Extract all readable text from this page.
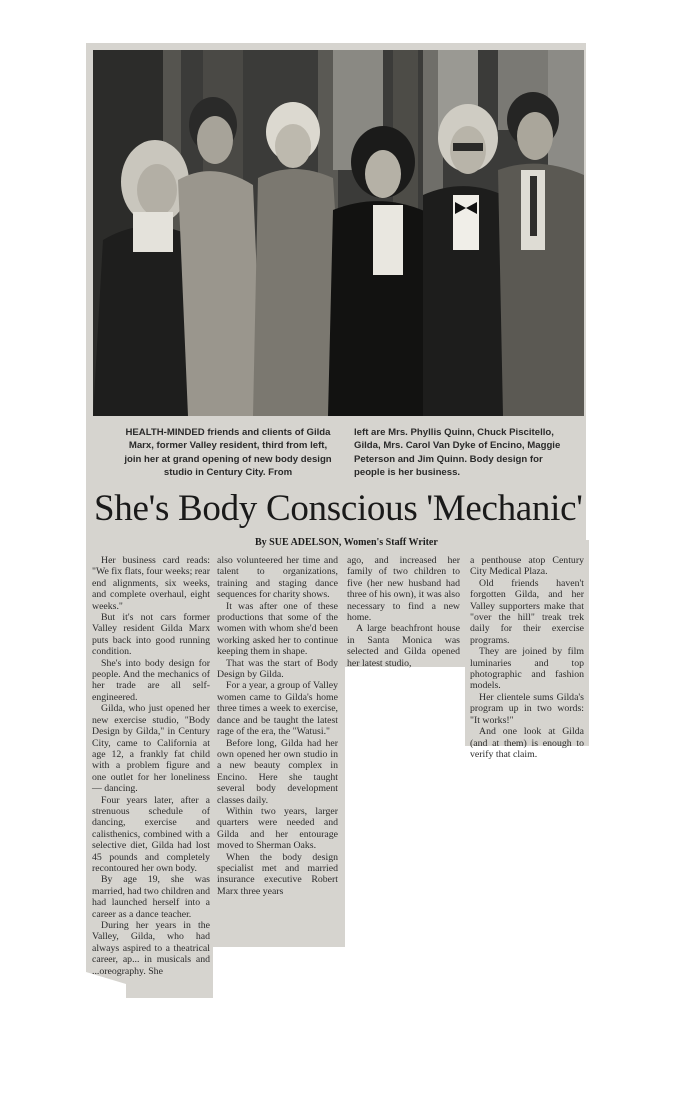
HEALTH-MINDED friends and clients of Gilda Marx, former Valley resident, third from left, join her at grand opening of new body design studio in Century City. From
left are Mrs. Phyllis Quinn, Chuck Piscitello, Gilda, Mrs. Carol Van Dyke of Encino, Maggie Peterson and Jim Quinn. Body design for people is her business.
She's Body Conscious 'Mechanic'
By SUE ADELSON, Women's Staff Writer

Her business card reads: "We fix flats, four weeks; rear end alignments, six weeks, and complete overhaul, eight weeks."

But it's not cars former Valley resident Gilda Marx puts back into good running condition.

She's into body design for people. And the mechanics of her trade are all self-engineered.

Gilda, who just opened her new exercise studio, "Body Design by Gilda," in Century City, came to California at age 12, a frankly fat child with a problem figure and one outlet for her loneliness — dancing.

Four years later, after a strenuous schedule of dancing, exercise and calisthenics, combined with a selective diet, Gilda had lost 45 pounds and completely recontoured her own body.

By age 19, she was married, had two children and had launched herself into a career as a dance teacher.

During her years in the Valley, Gilda, who had always aspired to a theatrical career, ap... in musicals and ...oreography. She

also volunteered her time and talent to organizations, training and staging dance sequences for charity shows.

It was after one of these productions that some of the women with whom she'd been working asked her to continue keeping them in shape.

That was the start of Body Design by Gilda.

For a year, a group of Valley women came to Gilda's home three times a week to exercise, dance and be taught the latest rage of the era, the "Watusi."

Before long, Gilda had her own opened her own studio in a new beauty complex in Encino. Here she taught several body development classes daily.

Within two years, larger quarters were needed and Gilda and her entourage moved to Sherman Oaks.

When the body design specialist met and married insurance executive Robert Marx three years

ago, and increased her family of two children to five (her new husband had three of his own), it was also necessary to find a new home.

A large beachfront house in Santa Monica was selected and Gilda opened her latest studio,

a penthouse atop Century City Medical Plaza.

Old friends haven't forgotten Gilda, and her Valley supporters make that "over the hill" treak trek daily for their exercise programs.

They are joined by film luminaries and top photographic and fashion models.

Her clientele sums Gilda's program up in two words: "It works!"

And one look at Gilda (and at them) is enough to verify that claim.
